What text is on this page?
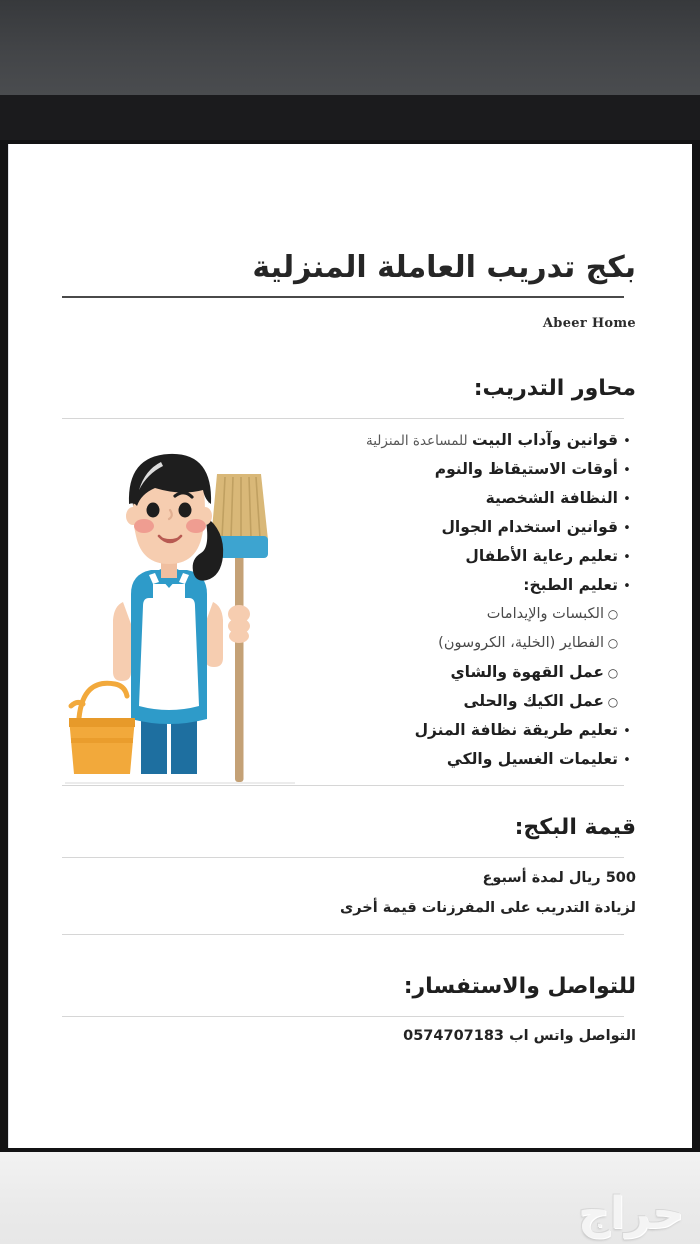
حراج
بكج تدريب العاملة المنزلية
Abeer Home
محاور التدريب:
•
قوانين وآداب البيت للمساعدة المنزلية
•
أوقات الاستيقاظ والنوم
•
النظافة الشخصية
•
قوانين استخدام الجوال
•
تعليم رعاية الأطفال
•
تعليم الطبخ:
○
الكبسات والإيدامات
○
الفطاير (الخلية، الكروسون)
○
عمل القهوة والشاي
○
عمل الكيك والحلى
•
تعليم طريقة نظافة المنزل
•
تعليمات الغسيل والكي
قيمة البكج:
500 ريال لمدة أسبوع
لزيادة التدريب على المفرزنات قيمة أخرى
للتواصل والاستفسار:
التواصل واتس اب 0574707183
